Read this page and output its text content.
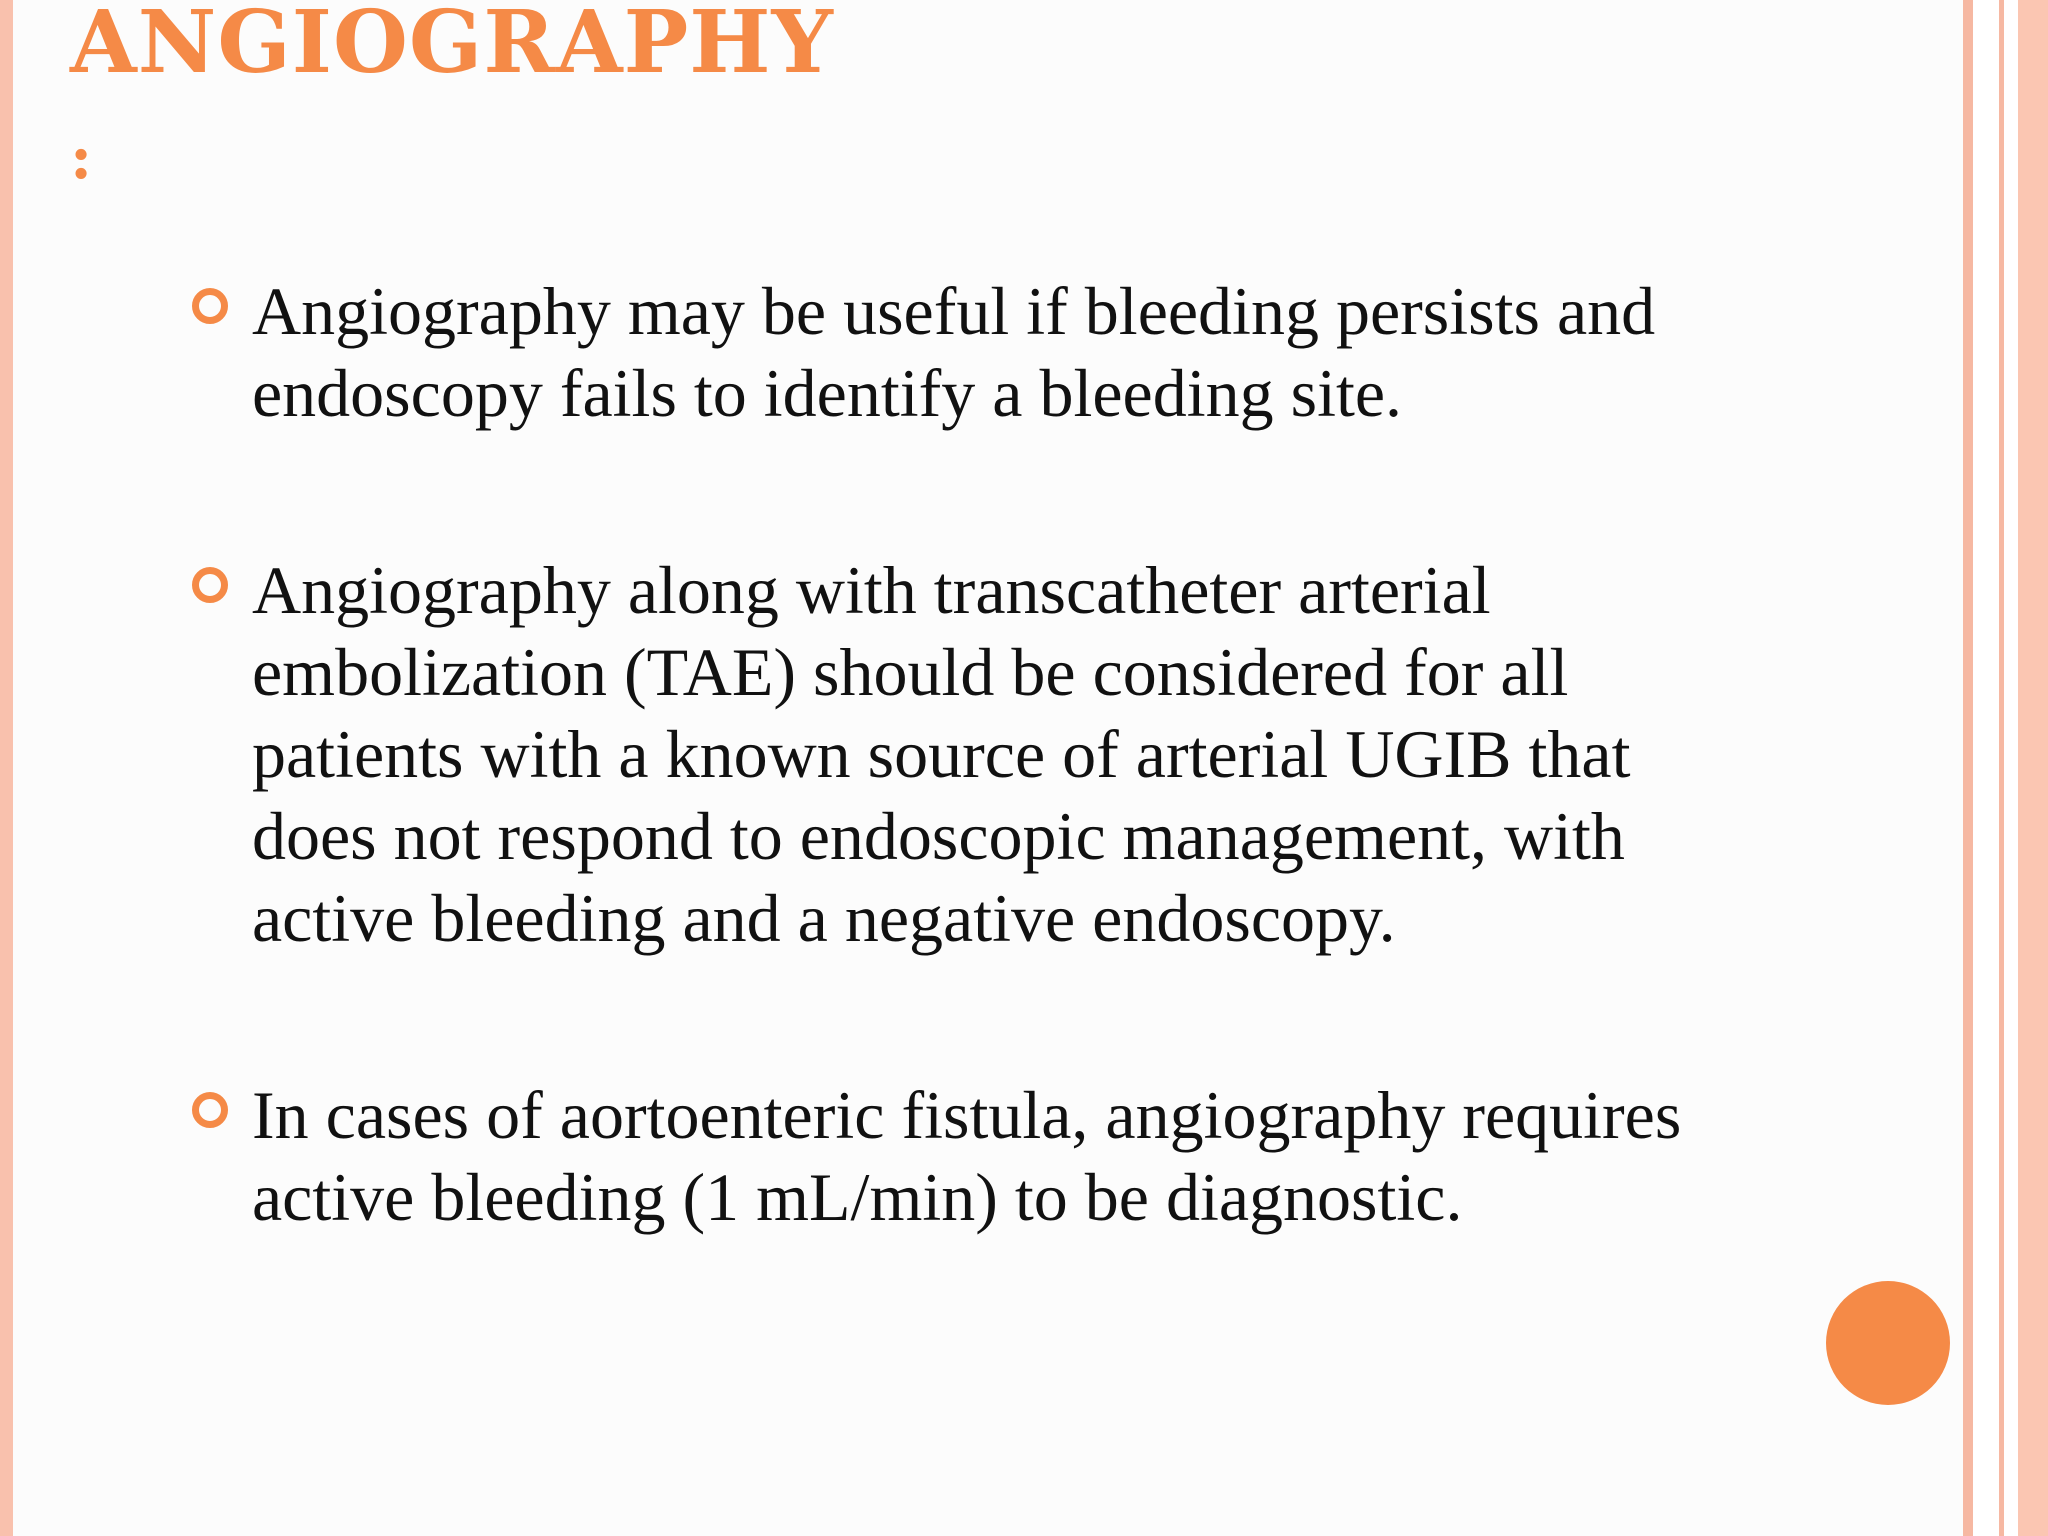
ANGIOGRAPHY
:
Angiography may be useful if bleeding persists and endoscopy fails to identify a bleeding site.
Angiography along with transcatheter arterial embolization (TAE) should be considered for all patients with a known source of arterial UGIB that does not respond to endoscopic management, with active bleeding and a negative endoscopy.
In cases of aortoenteric fistula, angiography requires active bleeding (1 mL/min) to be diagnostic.
